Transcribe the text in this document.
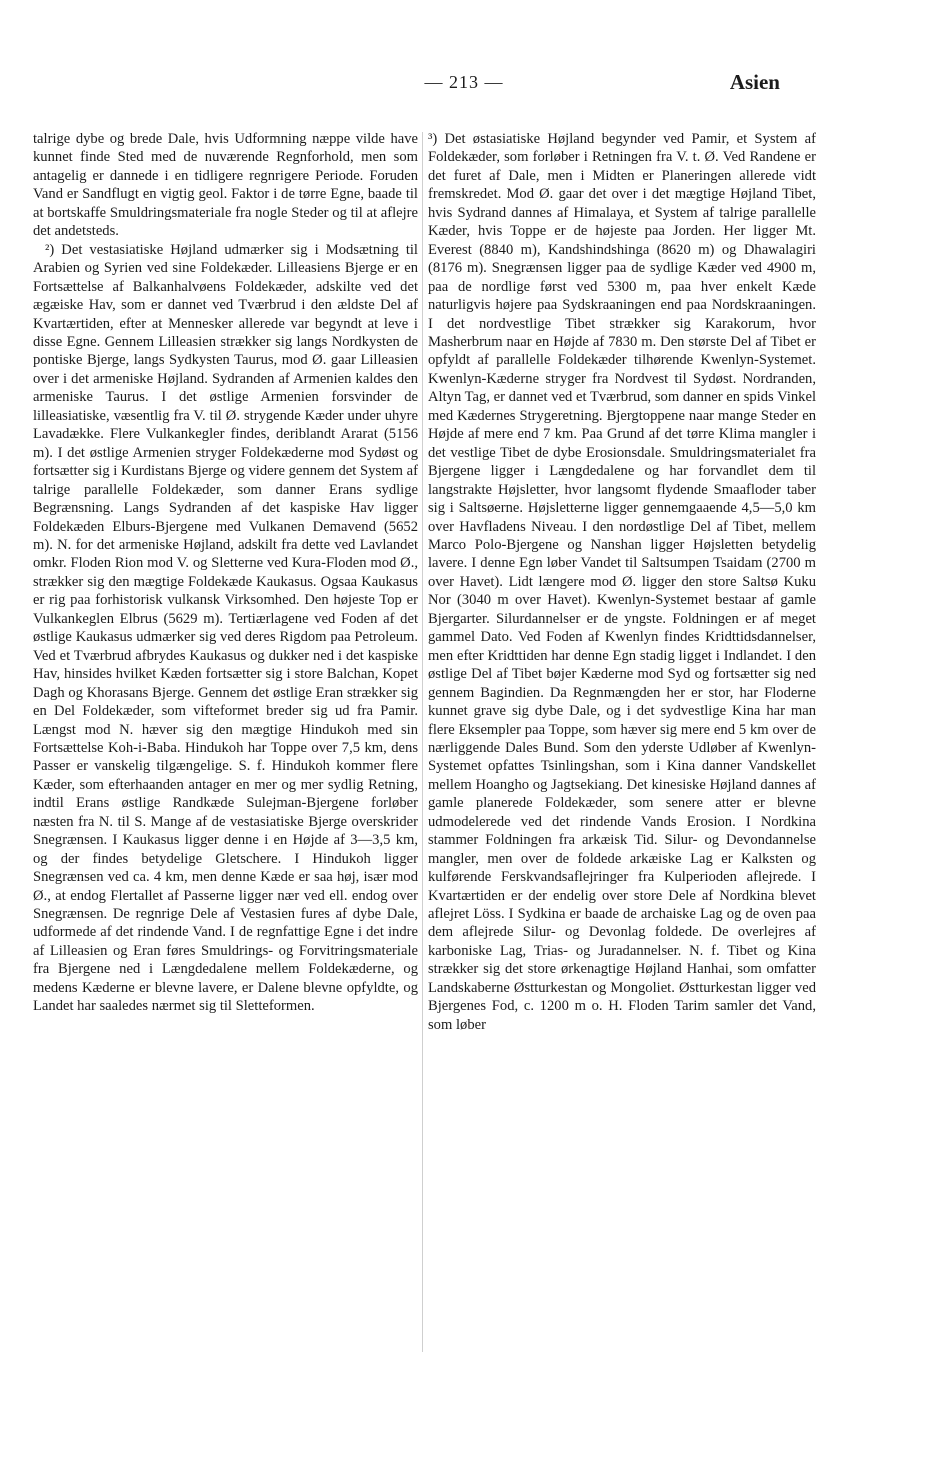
— 213 —	Asien

talrige dybe og brede Dale, hvis Udformning næppe vilde have kunnet finde Sted med de nuværende Regnforhold, men som antagelig er dannede i en tidligere regnrigere Periode. Foruden Vand er Sandflugt en vigtig geol. Faktor i de tørre Egne, baade til at bortskaffe Smuldringsmateriale fra nogle Steder og til at aflejre det andetsteds.

²) Det vestasiatiske Højland udmærker sig i Modsætning til Arabien og Syrien ved sine Foldekæder. Lilleasiens Bjerge er en Fortsættelse af Balkanhalvøens Foldekæder, adskilte ved det ægæiske Hav, som er dannet ved Tværbrud i den ældste Del af Kvartærtiden, efter at Mennesker allerede var begyndt at leve i disse Egne. Gennem Lilleasien strækker sig langs Nordkysten de pontiske Bjerge, langs Sydkysten Taurus, mod Ø. gaar Lilleasien over i det armeniske Højland. Sydranden af Armenien kaldes den armeniske Taurus. I det østlige Armenien forsvinder de lilleasiatiske, væsentlig fra V. til Ø. strygende Kæder under uhyre Lavadække. Flere Vulkankegler findes, deriblandt Ararat (5156 m). I det østlige Armenien stryger Foldekæderne mod Sydøst og fortsætter sig i Kurdistans Bjerge og videre gennem det System af talrige parallelle Foldekæder, som danner Erans sydlige Begrænsning. Langs Sydranden af det kaspiske Hav ligger Foldekæden Elburs-Bjergene med Vulkanen Demavend (5652 m). N. for det armeniske Højland, adskilt fra dette ved Lavlandet omkr. Floden Rion mod V. og Sletterne ved Kura-Floden mod Ø., strækker sig den mægtige Foldekæde Kaukasus. Ogsaa Kaukasus er rig paa forhistorisk vulkansk Virksomhed. Den højeste Top er Vulkankeglen Elbrus (5629 m). Tertiærlagene ved Foden af det østlige Kaukasus udmærker sig ved deres Rigdom paa Petroleum. Ved et Tværbrud afbrydes Kaukasus og dukker ned i det kaspiske Hav, hinsides hvilket Kæden fortsætter sig i store Balchan, Kopet Dagh og Khorasans Bjerge. Gennem det østlige Eran strækker sig en Del Foldekæder, som vifteformet breder sig ud fra Pamir. Længst mod N. hæver sig den mægtige Hindukoh med sin Fortsættelse Koh-i-Baba. Hindukoh har Toppe over 7,5 km, dens Passer er vanskelig tilgængelige. S. f. Hindukoh kommer flere Kæder, som efterhaanden antager en mer og mer sydlig Retning, indtil Erans østlige Randkæde Sulejman-Bjergene forløber næsten fra N. til S. Mange af de vestasiatiske Bjerge overskrider Snegrænsen. I Kaukasus ligger denne i en Højde af 3—3,5 km, og der findes betydelige Gletschere. I Hindukoh ligger Snegrænsen ved ca. 4 km, men denne Kæde er saa høj, især mod Ø., at endog Flertallet af Passerne ligger nær ved ell. endog over Snegrænsen. De regnrige Dele af Vestasien fures af dybe Dale, udformede af det rindende Vand. I de regnfattige Egne i det indre af Lilleasien og Eran føres Smuldrings- og Forvitringsmateriale fra Bjergene ned i Længdedalene mellem Foldekæderne, og medens Kæderne er blevne lavere, er Dalene blevne opfyldte, og Landet har saaledes nærmet sig til Sletteformen.

³) Det østasiatiske Højland begynder ved Pamir, et System af Foldekæder, som forløber i Retningen fra V. t. Ø. Ved Randene er det furet af Dale, men i Midten er Planeringen allerede vidt fremskredet. Mod Ø. gaar det over i det mægtige Højland Tibet, hvis Sydrand dannes af Himalaya, et System af talrige parallelle Kæder, hvis Toppe er de højeste paa Jorden. Her ligger Mt. Everest (8840 m), Kandshindshinga (8620 m) og Dhawalagiri (8176 m). Snegrænsen ligger paa de sydlige Kæder ved 4900 m, paa de nordlige først ved 5300 m, paa hver enkelt Kæde naturligvis højere paa Sydskraaningen end paa Nordskraaningen. I det nordvestlige Tibet strækker sig Karakorum, hvor Masherbrum naar en Højde af 7830 m. Den største Del af Tibet er opfyldt af parallelle Foldekæder tilhørende Kwenlyn-Systemet. Kwenlyn-Kæderne stryger fra Nordvest til Sydøst. Nordranden, Altyn Tag, er dannet ved et Tværbrud, som danner en spids Vinkel med Kædernes Strygeretning. Bjergtoppene naar mange Steder en Højde af mere end 7 km. Paa Grund af det tørre Klima mangler i det vestlige Tibet de dybe Erosionsdale. Smuldringsmaterialet fra Bjergene ligger i Længdedalene og har forvandlet dem til langstrakte Højsletter, hvor langsomt flydende Smaafloder taber sig i Saltsøerne. Højsletterne ligger gennemgaaende 4,5—5,0 km over Havfladens Niveau. I den nordøstlige Del af Tibet, mellem Marco Polo-Bjergene og Nanshan ligger Højsletten betydelig lavere. I denne Egn løber Vandet til Saltsumpen Tsaidam (2700 m over Havet). Lidt længere mod Ø. ligger den store Saltsø Kuku Nor (3040 m over Havet). Kwenlyn-Systemet bestaar af gamle Bjergarter. Silurdannelser er de yngste. Foldningen er af meget gammel Dato. Ved Foden af Kwenlyn findes Kridttidsdannelser, men efter Kridttiden har denne Egn stadig ligget i Indlandet. I den østlige Del af Tibet bøjer Kæderne mod Syd og fortsætter sig ned gennem Bagindien. Da Regnmængden her er stor, har Floderne kunnet grave sig dybe Dale, og i det sydvestlige Kina har man flere Eksempler paa Toppe, som hæver sig mere end 5 km over de nærliggende Dales Bund. Som den yderste Udløber af Kwenlyn-Systemet opfattes Tsinlingshan, som i Kina danner Vandskellet mellem Hoangho og Jagtsekiang. Det kinesiske Højland dannes af gamle planerede Foldekæder, som senere atter er blevne udmodelerede ved det rindende Vands Erosion. I Nordkina stammer Foldningen fra arkæisk Tid. Silur- og Devondannelse mangler, men over de foldede arkæiske Lag er Kalksten og kulførende Ferskvandsaflejringer fra Kulperioden aflejrede. I Kvartærtiden er der endelig over store Dele af Nordkina blevet aflejret Löss. I Sydkina er baade de archaiske Lag og de oven paa dem aflejrede Silur- og Devonlag foldede. De overlejres af karboniske Lag, Trias- og Juradannelser. N. f. Tibet og Kina strækker sig det store ørkenagtige Højland Hanhai, som omfatter Landskaberne Østturkestan og Mongoliet. Østturkestan ligger ved Bjergenes Fod, c. 1200 m o. H. Floden Tarim samler det Vand, som løber
